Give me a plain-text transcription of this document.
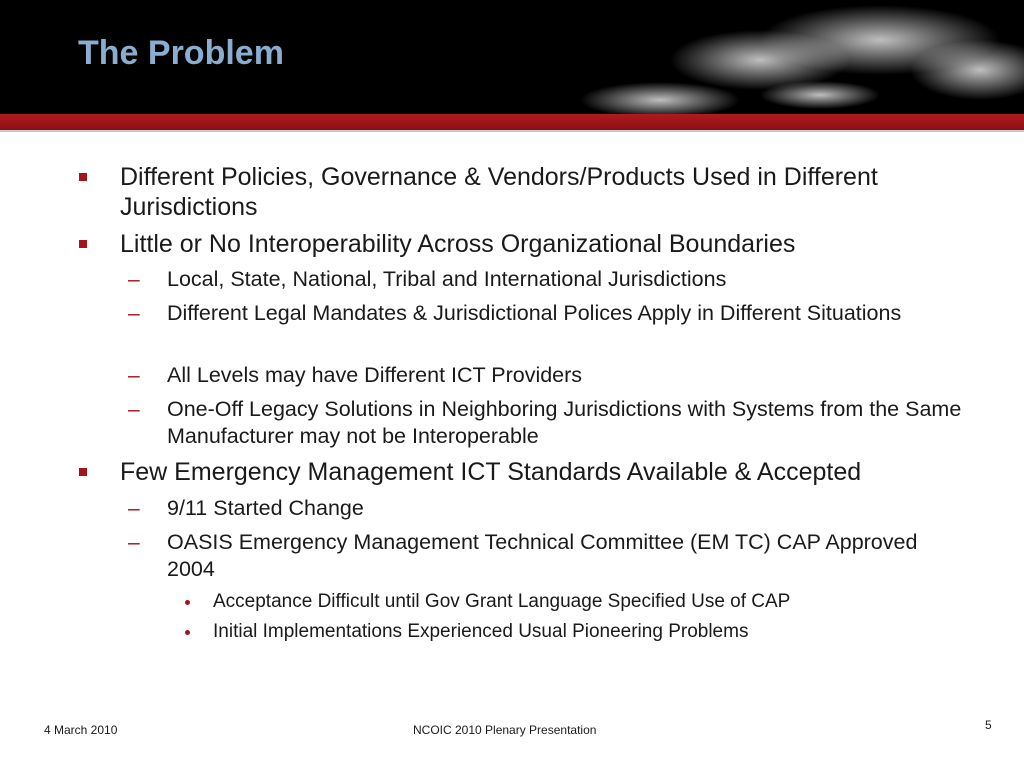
The Problem

Different Policies, Governance & Vendors/Products Used in Different Jurisdictions

Little or No Interoperability Across Organizational Boundaries

– Local, State, National, Tribal and International Jurisdictions

– Different Legal Mandates & Jurisdictional Polices Apply in Different Situations

– All Levels may have Different ICT Providers

– One-Off Legacy Solutions in Neighboring Jurisdictions with Systems from the Same Manufacturer may not be Interoperable

Few Emergency Management ICT Standards Available & Accepted

– 9/11 Started Change

– OASIS Emergency Management Technical Committee (EM TC) CAP Approved 2004

Acceptance Difficult until Gov Grant Language Specified Use of CAP

Initial Implementations Experienced Usual Pioneering Problems

4 March 2010	NCOIC 2010 Plenary Presentation	5
